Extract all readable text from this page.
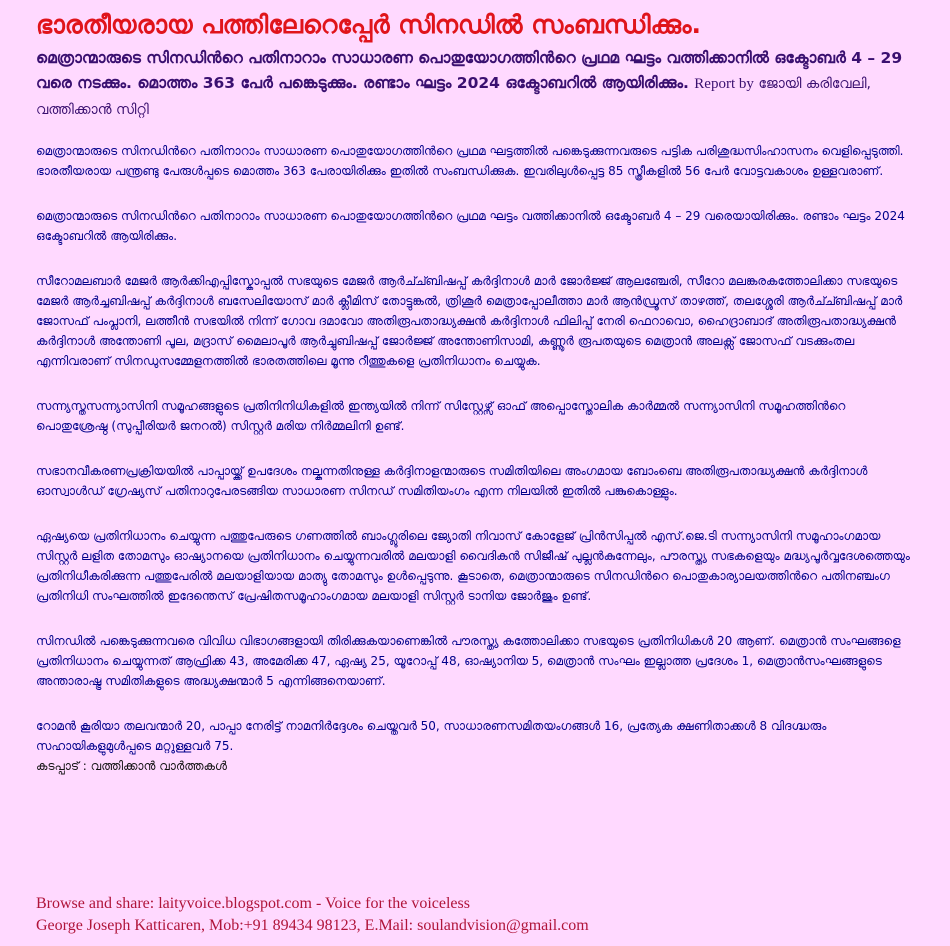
ഭാരതീയരായ പത്തിലേറെപ്പേർ സിനഡിൽ സംബന്ധിക്കും.
മെത്രാന്മാരുടെ സിനഡിൻറെ പതിനാറാം സാധാരണ പൊതുയോഗത്തിൻറെ പ്രഥമ ഘട്ടം വത്തിക്കാനിൽ ഒക്ടോബർ 4 – 29 വരെ നടക്കും. മൊത്തം 363 പേർ പങ്കെടുക്കും. രണ്ടാം ഘട്ടം 2024 ഒക്ടോബറിൽ ആയിരിക്കും. Report by ജോയി കരിവേലി, വത്തിക്കാൻ സിറ്റി

മെത്രാന്മാരുടെ സിനഡിൻറെ പതിനാറാം സാധാരണ പൊതുയോഗത്തിൻറെ പ്രഥമ ഘട്ടത്തിൽ പങ്കെടുക്കുന്നവരുടെ പട്ടിക പരിശുദ്ധസിംഹാസനം വെളിപ്പെടുത്തി. ഭാരതീയരായ പന്ത്രണ്ടു പേരുൾപ്പടെ മൊത്തം 363 പേരായിരിക്കും ഇതിൽ സംബന്ധിക്കുക. ഇവരിലുൾപ്പെട്ട 85 സ്ത്രീകളിൽ 56 പേർ വോട്ടവകാശം ഉള്ളവരാണ്.

മെത്രാന്മാരുടെ സിനഡിൻറെ പതിനാറാം സാധാരണ പൊതുയോഗത്തിൻറെ പ്രഥമ ഘട്ടം വത്തിക്കാനിൽ ഒക്ടോബർ 4 – 29 വരെയായിരിക്കും. രണ്ടാം ഘട്ടം 2024 ഒക്ടോബറിൽ ആയിരിക്കും.

സീറോമലബാർ മേജർ ആർക്കിഎപ്പിസ്കോപ്പൽ സഭയുടെ മേജർ ആർച്ച്ബിഷപ്പ് കർദ്ദിനാൾ മാർ ജോർജ്ജ് ആലഞ്ചേരി, സീറോ മലങ്കരകത്തോലിക്കാ സഭയുടെ മേജർ ആർച്ചബിഷപ്പ് കർദ്ദിനാൾ ബസേലിയോസ് മാർ ക്ലീമിസ് തോട്ടുങ്കൽ, ത്രിശൂർ മെത്രാപ്പോലീത്താ മാർ ആൻഡ്രൂസ് താഴത്ത്, തലശ്ശേരി ആർച്ച്ബിഷപ്പ് മാർ ജോസഫ് പംപ്ലാനി, ലത്തീൻ സഭയിൽ നിന്ന് ഗോവ ദമാവോ അതിരൂപതാദ്ധ്യക്ഷൻ കർദ്ദിനാൾ ഫിലിപ്പ് നേരി ഫെറാവൊ, ഹൈദ്രാബാദ് അതിരൂപതാദ്ധ്യക്ഷൻ കർദ്ദിനാൾ അന്തോണി പൂല, മദ്രാസ് മൈലാപൂർ ആർച്ചുബിഷപ്പ് ജോർജ്ജ് അന്തോണിസാമി, കണ്ണൂർ രൂപതയുടെ മെത്രാൻ അലക്സ് ജോസഫ് വടക്കുംതല എന്നിവരാണ് സിനഡുസമ്മേളനത്തിൽ ഭാരതത്തിലെ മൂന്നു റീത്തുകളെ പ്രതിനിധാനം ചെയ്യുക.

സന്ന്യസ്തസന്ന്യാസിനി സമൂഹങ്ങളുടെ പ്രതിനിനിധികളിൽ ഇന്ത്യയിൽ നിന്ന് സിസ്റ്റേഴ്സ് ഓഫ് അപ്പൊസ്തോലിക കാർമ്മൽ സന്ന്യാസിനി സമൂഹത്തിൻറെ പൊതുശ്രേഷ്ഠ (സുപ്പീരിയർ ജനറൽ) സിസ്റ്റർ മരിയ നിർമ്മലിനി ഉണ്ട്.

സഭാനവീകരണപ്രക്രിയയിൽ പാപ്പായ്ക്ക് ഉപദേശം നല്കുന്നതിനുള്ള കർദ്ദിനാളന്മാരുടെ സമിതിയിലെ അംഗമായ ബോംബെ അതിരൂപതാദ്ധ്യക്ഷൻ കർദ്ദിനാൾ ഓസ്വാൾഡ് ഗ്രേഷ്യസ് പതിനാറുപേരടങ്ങിയ സാധാരണ സിനഡ് സമിതിയംഗം എന്ന നിലയിൽ ഇതിൽ പങ്കുകൊള്ളും.

ഏഷ്യയെ പ്രതിനിധാനം ചെയ്യുന്ന പത്തുപേരുടെ ഗണത്തിൽ ബാംഗ്ലൂരിലെ ജ്യോതി നിവാസ് കോളേജ് പ്രിൻസിപ്പൽ എസ്.ജെ.ടി സന്ന്യാസിനി സമൂഹാംഗമായ സിസ്റ്റർ ലളിത തോമസും ഓഷ്യാനയെ പ്രതിനിധാനം ചെയ്യുന്നവരിൽ മലയാളി വൈദികൻ സിജീഷ് പുല്ലൻകുന്നേലും, പൗരസ്ത്യ സഭകളെയും മദ്ധ്യപൂർവ്വദേശത്തെയും പ്രതിനിധീകരിക്കുന്ന പത്തുപേരിൽ മലയാളിയായ മാത്യു തോമസും ഉൾപ്പെടുന്നു. കൂടാതെ, മെത്രാന്മാരുടെ സിനഡിൻറെ പൊതുകാര്യാലയത്തിൻറെ പതിനഞ്ചംഗ പ്രതിനിധി സംഘത്തിൽ ഇദേന്തെസ് പ്രേഷിതസമൂഹാംഗമായ മലയാളി സിസ്റ്റർ ടാനിയ ജോർജും ഉണ്ട്.

സിനഡിൽ പങ്കെടുക്കുന്നവരെ വിവിധ വിഭാഗങ്ങളായി തിരിക്കുകയാണെങ്കിൽ പൗരസ്ത്യ കത്തോലിക്കാ സഭയുടെ പ്രതിനിധികൾ 20 ആണ്. മെത്രാൻ സംഘങ്ങളെ പ്രതിനിധാനം ചെയ്യുന്നത് ആഫ്രിക്ക 43, അമേരിക്ക 47, ഏഷ്യ 25, യൂറോപ്പ് 48, ഓഷ്യാനിയ 5, മെത്രാൻ സംഘം ഇല്ലാത്ത പ്രദേശം 1, മെത്രാൻസംഘങ്ങളുടെ അന്താരാഷ്ട്ര സമിതികളുടെ അദ്ധ്യക്ഷന്മാർ 5 എന്നിങ്ങനെയാണ്.

റോമൻ കൂരിയാ തലവന്മാർ 20, പാപ്പാ നേരിട്ട് നാമനിർദ്ദേശം ചെയ്തവർ 50, സാധാരണസമിതയംഗങ്ങൾ 16, പ്രത്യേക ക്ഷണിതാക്കൾ 8 വിദഗ്ദ്ധരും സഹായികളുമുൾപ്പടെ മറ്റുള്ളവർ 75.

കടപ്പാട് : വത്തിക്കാൻ വാർത്തകൾ

Browse and share: laityvoice.blogspot.com - Voice for the voiceless
George Joseph Katticaren, Mob:+91 89434 98123, E.Mail: soulandvision@gmail.com
